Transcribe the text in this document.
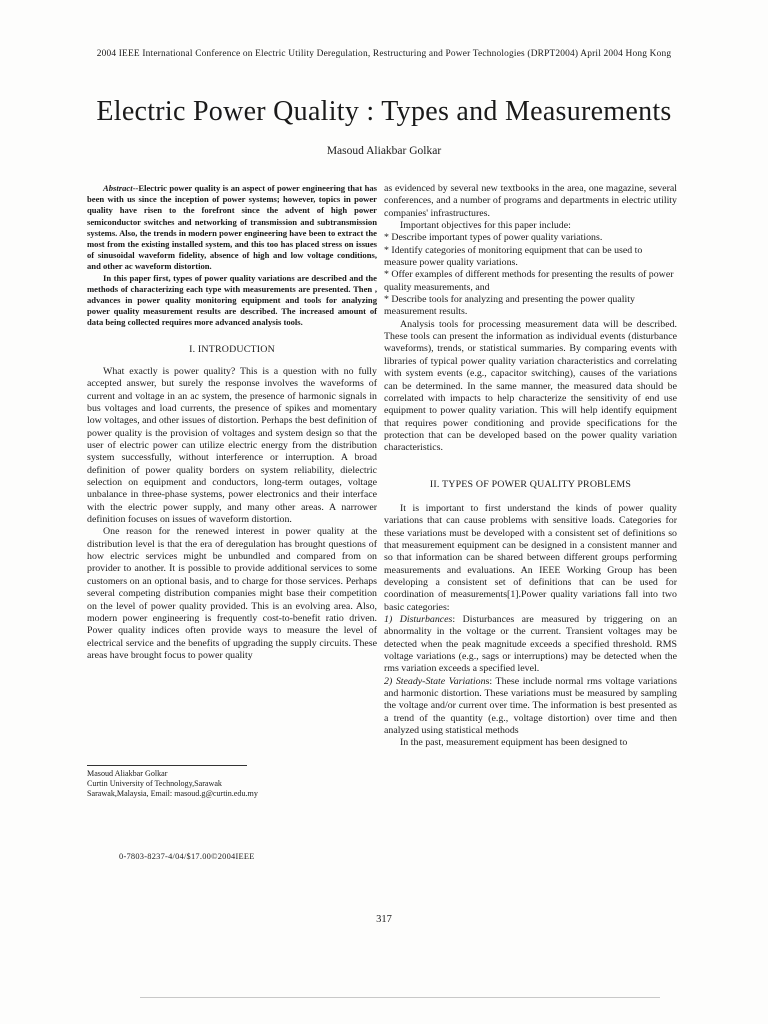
2004 IEEE International Conference on Electric Utility Deregulation, Restructuring and Power Technologies (DRPT2004) April 2004 Hong Kong
Electric Power Quality : Types and Measurements
Masoud Aliakbar Golkar

Abstract--Electric power quality is an aspect of power engineering that has been with us since the inception of power systems; however, topics in power quality have risen to the forefront since the advent of high power semiconductor switches and networking of transmission and subtransmission systems. Also, the trends in modern power engineering have been to extract the most from the existing installed system, and this too has placed stress on issues of sinusoidal waveform fidelity, absence of high and low voltage conditions, and other ac waveform distortion.

In this paper first, types of power quality variations are described and the methods of characterizing each type with measurements are presented. Then , advances in power quality monitoring equipment and tools for analyzing power quality measurement results are described. The increased amount of data being collected requires more advanced analysis tools.

I. INTRODUCTION

What exactly is power quality? This is a question with no fully accepted answer, but surely the response involves the waveforms of current and voltage in an ac system, the presence of harmonic signals in bus voltages and load currents, the presence of spikes and momentary low voltages, and other issues of distortion. Perhaps the best definition of power quality is the provision of voltages and system design so that the user of electric power can utilize electric energy from the distribution system successfully, without interference or interruption. A broad definition of power quality borders on system reliability, dielectric selection on equipment and conductors, long-term outages, voltage unbalance in three-phase systems, power electronics and their interface with the electric power supply, and many other areas. A narrower definition focuses on issues of waveform distortion.

One reason for the renewed interest in power quality at the distribution level is that the era of deregulation has brought questions of how electric services might be unbundled and compared from on provider to another. It is possible to provide additional services to some customers on an optional basis, and to charge for those services. Perhaps several competing distribution companies might base their competition on the level of power quality provided. This is an evolving area. Also, modern power engineering is frequently cost-to-benefit ratio driven. Power quality indices often provide ways to measure the level of electrical service and the benefits of upgrading the supply circuits. These areas have brought focus to power quality

Masoud Aliakbar Golkar
Curtin University of Technology,Sarawak
Sarawak,Malaysia, Email: masoud.g@curtin.edu.my
0-7803-8237-4/04/$17.00©2004IEEE

as evidenced by several new textbooks in the area, one magazine, several conferences, and a number of programs and departments in electric utility companies' infrastructures.

Important objectives for this paper include:

* Describe important types of power quality variations.

* Identify categories of monitoring equipment that can be used to measure power quality variations.

* Offer examples of different methods for presenting the results of power quality measurements, and

* Describe tools for analyzing and presenting the power quality measurement results.

Analysis tools for processing measurement data will be described. These tools can present the information as individual events (disturbance waveforms), trends, or statistical summaries. By comparing events with libraries of typical power quality variation characteristics and correlating with system events (e.g., capacitor switching), causes of the variations can be determined. In the same manner, the measured data should be correlated with impacts to help characterize the sensitivity of end use equipment to power quality variation. This will help identify equipment that requires power conditioning and provide specifications for the protection that can be developed based on the power quality variation characteristics.

II. TYPES OF POWER QUALITY PROBLEMS

It is important to first understand the kinds of power quality variations that can cause problems with sensitive loads. Categories for these variations must be developed with a consistent set of definitions so that measurement equipment can be designed in a consistent manner and so that information can be shared between different groups performing measurements and evaluations. An IEEE Working Group has been developing a consistent set of definitions that can be used for coordination of measurements[1].Power quality variations fall into two basic categories:

1) Disturbances: Disturbances are measured by triggering on an abnormality in the voltage or the current. Transient voltages may be detected when the peak magnitude exceeds a specified threshold. RMS voltage variations (e.g., sags or interruptions) may be detected when the rms variation exceeds a specified level.

2) Steady-State Variations: These include normal rms voltage variations and harmonic distortion. These variations must be measured by sampling the voltage and/or current over time. The information is best presented as a trend of the quantity (e.g., voltage distortion) over time and then analyzed using statistical methods

In the past, measurement equipment has been designed to

317
